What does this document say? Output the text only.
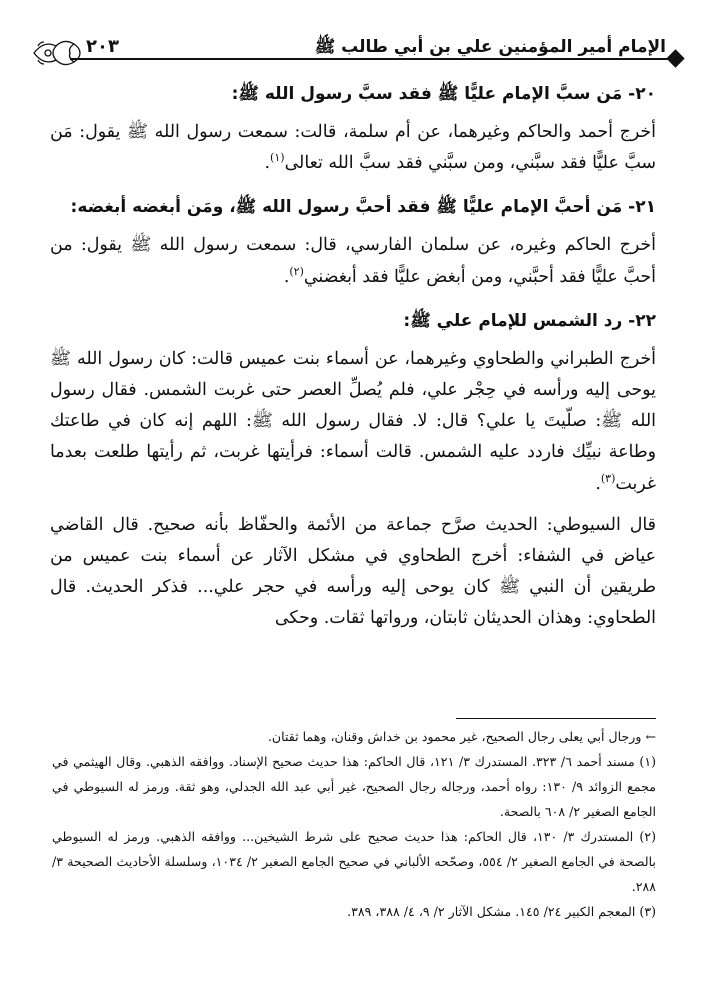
الإمام أمير المؤمنين علي بن أبي طالب ﷺ
٢٠٣
٢٠- مَن سبَّ الإمام عليًّا ﷺ فقد سبَّ رسول الله ﷺ:

أخرج أحمد والحاكم وغيرهما، عن أم سلمة، قالت: سمعت رسول الله ﷺ يقول: مَن سبَّ عليًّا فقد سبَّني، ومن سبَّني فقد سبَّ الله تعالى$^{(١)}$.

٢١- مَن أحبَّ الإمام عليًّا ﷺ فقد أحبَّ رسول الله ﷺ، ومَن أبغضه أبغضه:

أخرج الحاكم وغيره، عن سلمان الفارسي، قال: سمعت رسول الله ﷺ يقول: من أحبَّ عليًّا فقد أحبَّني، ومن أبغض عليًّا فقد أبغضني$^{(٢)}$.

٢٢- رد الشمس للإمام علي ﷺ:

أخرج الطبراني والطحاوي وغيرهما، عن أسماء بنت عميس قالت: كان رسول الله ﷺ يوحى إليه ورأسه في حِجْر علي، فلم يُصلِّ العصر حتى غربت الشمس. فقال رسول الله ﷺ: صلّيتَ يا علي؟ قال: لا. فقال رسول الله ﷺ: اللهم إنه كان في طاعتك وطاعة نبيِّك فاردد عليه الشمس. قالت أسماء: فرأيتها غربت، ثم رأيتها طلعت بعدما غربت$^{(٣)}$.

قال السيوطي: الحديث صرَّح جماعة من الأئمة والحفّاظ بأنه صحيح. قال القاضي عياض في الشفاء: أخرج الطحاوي في مشكل الآثار عن أسماء بنت عميس من طريقين أن النبي ﷺ كان يوحى إليه ورأسه في حجر علي... فذكر الحديث. قال الطحاوي: وهذان الحديثان ثابتان، ورواتها ثقات. وحكى

← ورجال أبي يعلى رجال الصحيح، غير محمود بن خداش وقنان، وهما ثقتان.

(١) مسند أحمد ٦/ ٣٢٣. المستدرك ٣/ ١٢١، قال الحاكم: هذا حديث صحيح الإسناد. ووافقه الذهبي. وقال الهيثمي في مجمع الزوائد ٩/ ١٣٠: رواه أحمد، ورجاله رجال الصحيح، غير أبي عبد الله الجدلي، وهو ثقة. ورمز له السيوطي في الجامع الصغير ٢/ ٦٠٨ بالصحة.

(٢) المستدرك ٣/ ١٣٠، قال الحاكم: هذا حديث صحيح على شرط الشيخين... ووافقه الذهبي. ورمز له السيوطي بالصحة في الجامع الصغير ٢/ ٥٥٤، وصحّحه الألباني في صحيح الجامع الصغير ٢/ ١٠٣٤، وسلسلة الأحاديث الصحيحة ٣/ ٢٨٨.

(٣) المعجم الكبير ٢٤/ ١٤٥. مشكل الآثار ٢/ ٩، ٤/ ٣٨٨، ٣٨٩.
